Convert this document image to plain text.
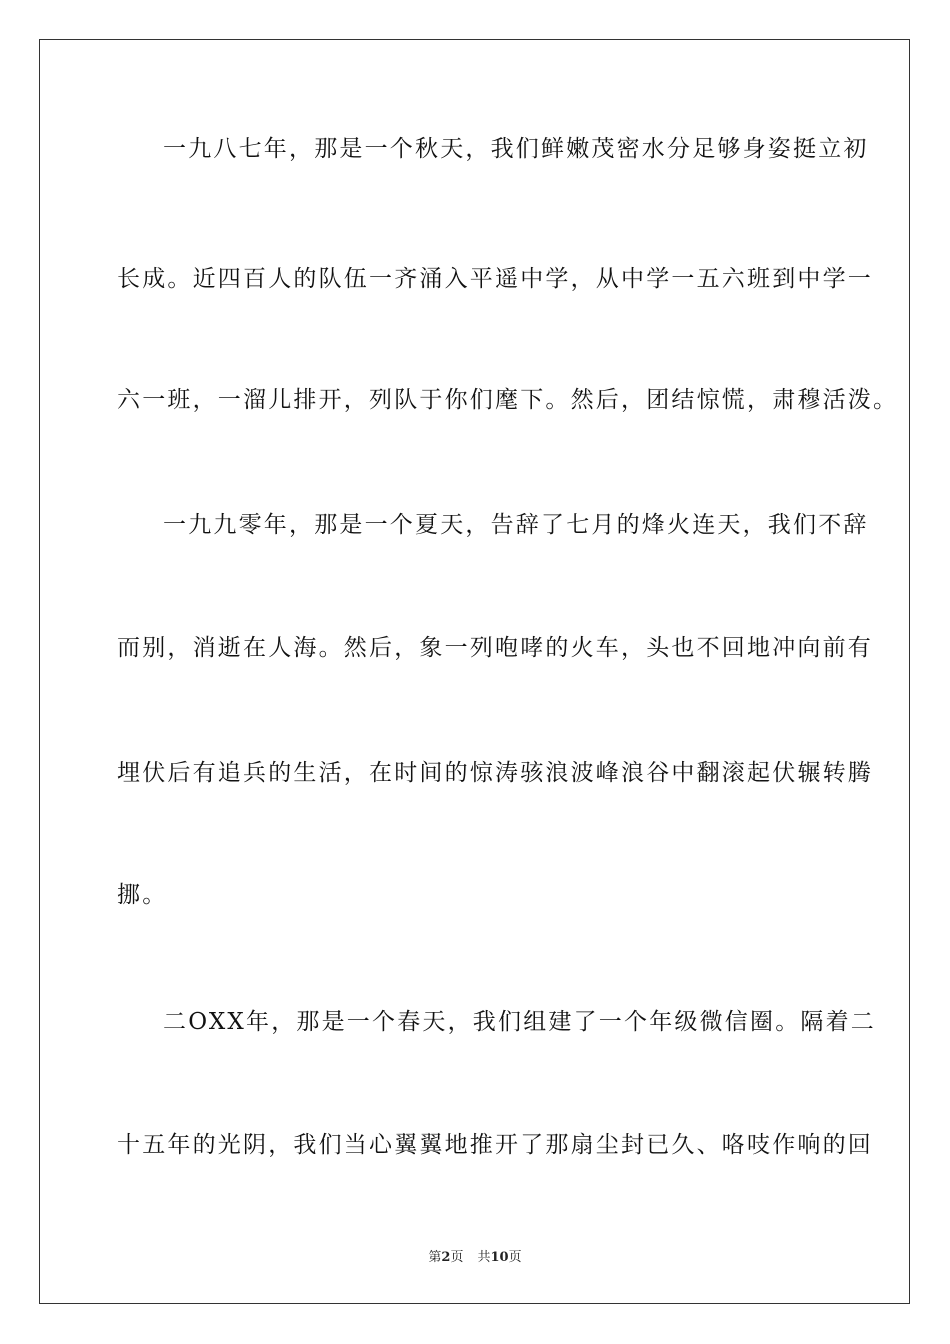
一九八七年，那是一个秋天，我们鲜嫩茂密水分足够身姿挺立初
长成。近四百人的队伍一齐涌入平遥中学，从中学一五六班到中学一
六一班，一溜儿排开，列队于你们麾下。然后，团结惊慌，肃穆活泼。
一九九零年，那是一个夏天，告辞了七月的烽火连天，我们不辞
而别，消逝在人海。然后，象一列咆哮的火车，头也不回地冲向前有
埋伏后有追兵的生活，在时间的惊涛骇浪波峰浪谷中翻滚起伏辗转腾
挪。
二OXX年，那是一个春天，我们组建了一个年级微信圈。隔着二
十五年的光阴，我们当心翼翼地推开了那扇尘封已久、咯吱作响的回
第2页 共10页
